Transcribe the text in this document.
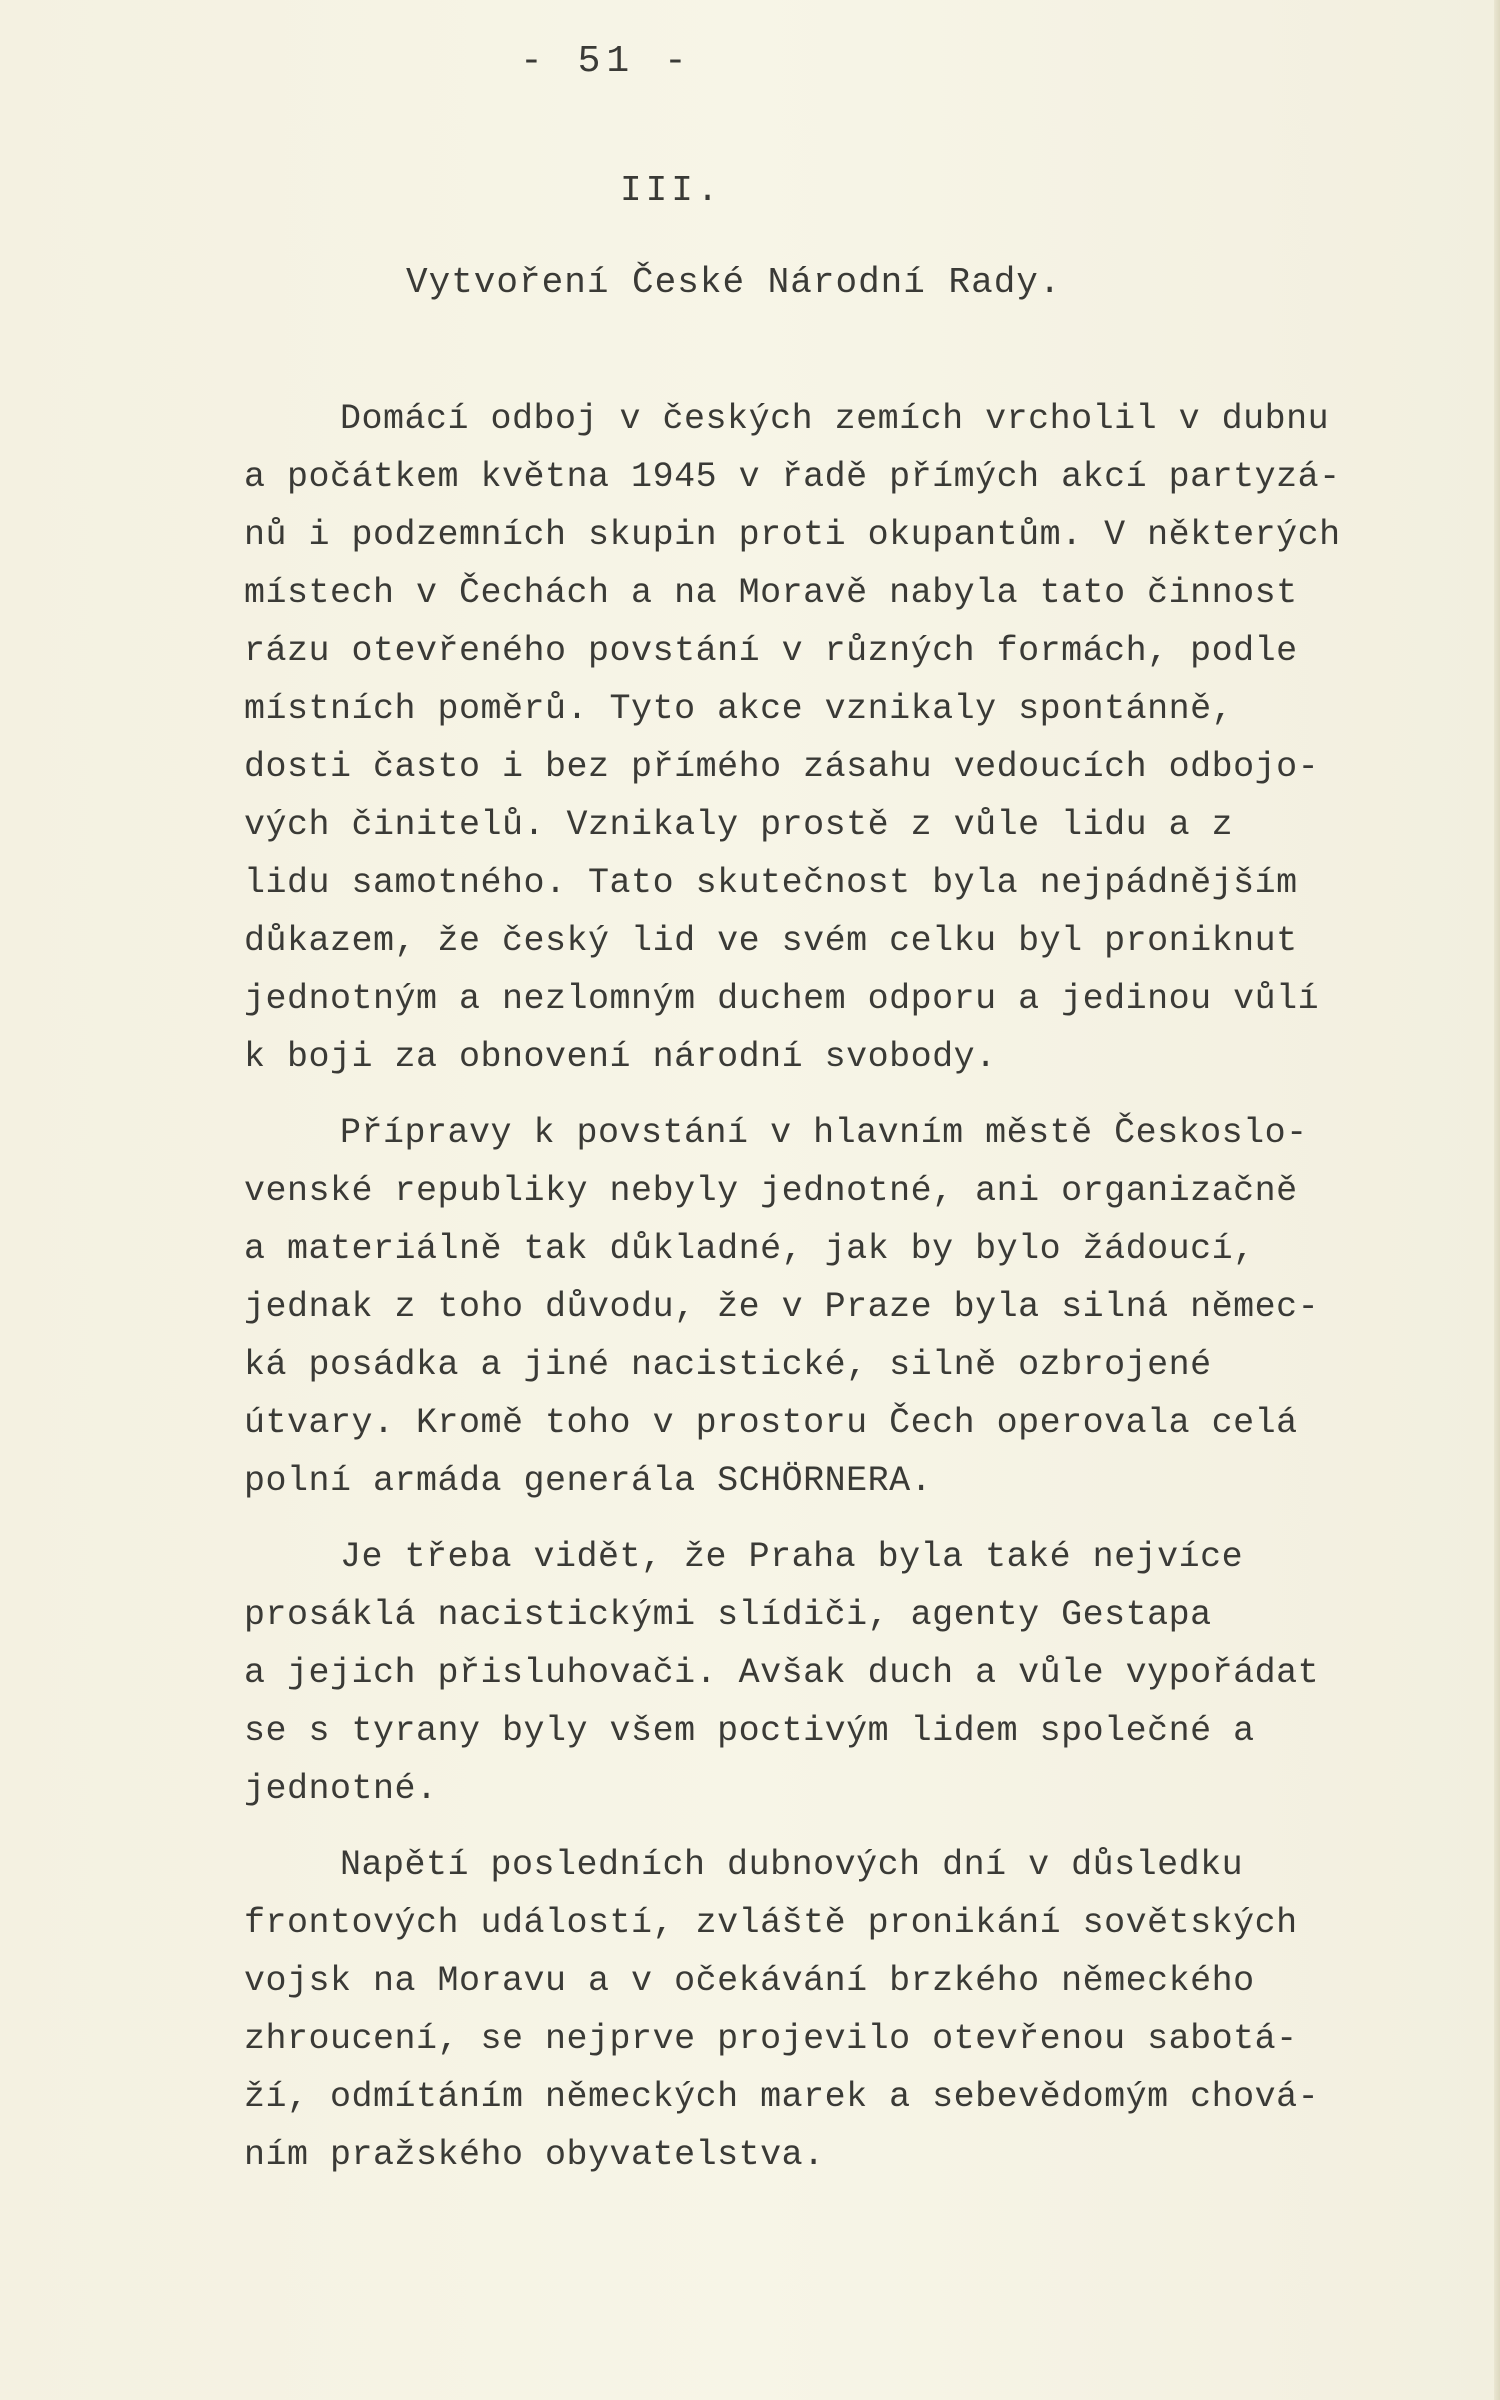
- 51 -
III.
Vytvoření České Národní Rady.
Domácí odboj v českých zemích vrcholil v dubnu
a počátkem května 1945 v řadě přímých akcí partyzá-
nů i podzemních skupin proti okupantům. V některých
místech v Čechách a na Moravě nabyla tato činnost
rázu otevřeného povstání v různých formách, podle
místních poměrů. Tyto akce vznikaly spontánně,
dosti často i bez přímého zásahu vedoucích odbojo-
vých činitelů. Vznikaly prostě z vůle lidu a z
lidu samotného. Tato skutečnost byla nejpádnějším
důkazem, že český lid ve svém celku byl proniknut
jednotným a nezlomným duchem odporu a jedinou vůlí
k boji za obnovení národní svobody.
Přípravy k povstání v hlavním městě Českoslo-
venské republiky nebyly jednotné, ani organizačně
a materiálně tak důkladné, jak by bylo žádoucí,
jednak z toho důvodu, že v Praze byla silná němec-
ká posádka a jiné nacistické, silně ozbrojené
útvary. Kromě toho v prostoru Čech operovala celá
polní armáda generála SCHÖRNERA.
Je třeba vidět, že Praha byla také nejvíce
prosáklá nacistickými slídiči, agenty Gestapa
a jejich přisluhovači. Avšak duch a vůle vypořádat
se s tyrany byly všem poctivým lidem společné a
jednotné.
Napětí posledních dubnových dní v důsledku
frontových událostí, zvláště pronikání sovětských
vojsk na Moravu a v očekávání brzkého německého
zhroucení, se nejprve projevilo otevřenou sabotá-
ží, odmítáním německých marek a sebevědomým chová-
ním pražského obyvatelstva.
